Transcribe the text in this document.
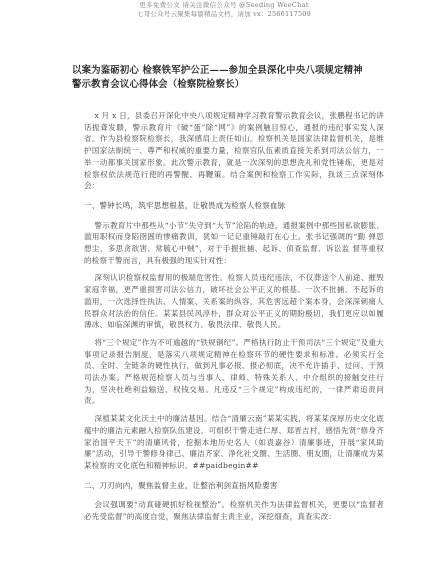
更多免费公文 请关注微信公众号 @Seeding WeeChat
七哥公众号云聚集每篇精品文档，请加 vx：2566117509
以案为鉴砺初心 检察铁军护公正——参加全县深化中央八项规定精神警示教育会议心得体会（检察院检察长）

x 月 x 日，县委召开深化中央八项规定精神学习教育警示教育会议，张鹏程书记的讲话振聋发聩，警示教育片《破“蛋”除“网”》的案例触目惊心，通报的违纪事实发人深省。作为县检察院检察长，我深感肩上责任如山。检察机关是国家法律监督机关，是维护国家法制统一、尊严和权威的重要力量，检察官队伍素质直接关系到司法公信力，一举一动都事关国家形象。此次警示教育，就是一次深刻的思想洗礼和党性锤炼，更是对检察权依法规范行使的再警醒、再鞭策。结合案例和检察工作实际，我谈三点深刻体会：

一、警钟长鸣，筑牢思想根基，让敬畏成为检察人检察血脉

警示教育片中那些从“小节”失守到“大节”沦陷的轨迹，通报案例中那些园私欲膨胀、滥用职权而身陷囹圄的惨痛教训，犹如一记记重锤敲打在心上。张书记强调的“勤 弹思想尘、多思贪欲害、常毓心中贼”，对于手握批捕、起诉、侦查监督、诉讼监 督等重权的检察干警而言，具有极强的现实针对性：

深刻认识检察权监督用的极端危害性。检察人员违纪违法，不仅葬送个人前途、摧毁家庭幸福，更严重损害司法公信力，破坏社会公平正义的根基。一次不批捕、不起诉的滥用，一次选择性执法、人情案、关系案的纵容，其危害远超个案本身，会深深刺痛人民群众对法治的信任。某某县民风淳朴，群众对公平正义的期盼极切，我们更应以如履薄冰、如临深渊的审慎，敬畏权力、敬畏法律、敬畏人民。

将“三个规定”作为不可逾越的“铁规铜纪”。严格执行防止干预司法“三个规定”及重大事项记录报告制度，是落实八项规定精神在检察环节的硬性要求和标准。必须实行全员、全时、全链条的硬性执行，做到凡事必报、报必彻底，决不允许插手、过问、干预司法办案。严格规范检察人员与当事人、律师、特殊关系人、中介组织的接触交往行为，坚决杜绝利益输送、权钱交易。凡违反“三个规定”构成违纪的，一律严肃追责问责。

深植某某文化沃土中的廉洁基因。结合“清廉云南”某某实践，将某某深厚历史文化底蕴中的廉洁元素融入检察队伍建设。可组织干警走进仁厚、郑晋吉村，感悟先贤“修身齐家治国平天下”的清廉风骨，挖掘本地历史名人（如袁嘉谷）清廉事迹，开展“家风助廉”活动，引导干警修身律己、廉洁齐家、净化社交圈、生活圈、朋友圈，让清廉成为某某检察的文化底色和精神标识。##paidbegin##

二、刀刃向内，聚焦监督主业，让整治利剑直指风险要害

会议强调要“动真碰硬抓好检视整治”。检察机关作为法律监督机关，更要以“监督者必先受监督”的高度自觉，聚焦法律监督主责主业，深挖细查，真查实改：
